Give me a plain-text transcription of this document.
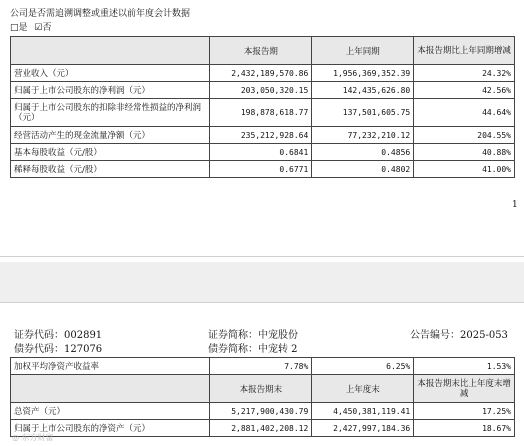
公司是否需追溯调整或重述以前年度会计数据
□是 ☑否
	本报告期	上年同期	本报告期比上年同期增减
营业收入（元）	2,432,189,570.86	1,956,369,352.39	24.32%
归属于上市公司股东的净利润（元）	203,050,320.15	142,435,626.80	42.56%
归属于上市公司股东的扣除非经常性损益的净利润（元）	198,878,618.77	137,501,605.75	44.64%
经营活动产生的现金流量净额（元）	235,212,928.64	77,232,210.12	204.55%
基本每股收益（元/股）	0.6841	0.4856	40.88%
稀释每股收益（元/股）	0.6771	0.4802	41.00%
1
证券代码：002891
债券代码：127076
证券简称：中宠股份
债券简称：中宠转 2
公告编号：2025-053
加权平均净资产收益率	7.78%	6.25%	1.53%
	本报告期末	上年度末	本报告期末比上年度末增减
总资产（元）	5,217,900,430.79	4,450,381,119.41	17.25%
归属于上市公司股东的净资产（元）	2,881,402,208.12	2,427,997,184.36	18.67%
◎ 东方财富
